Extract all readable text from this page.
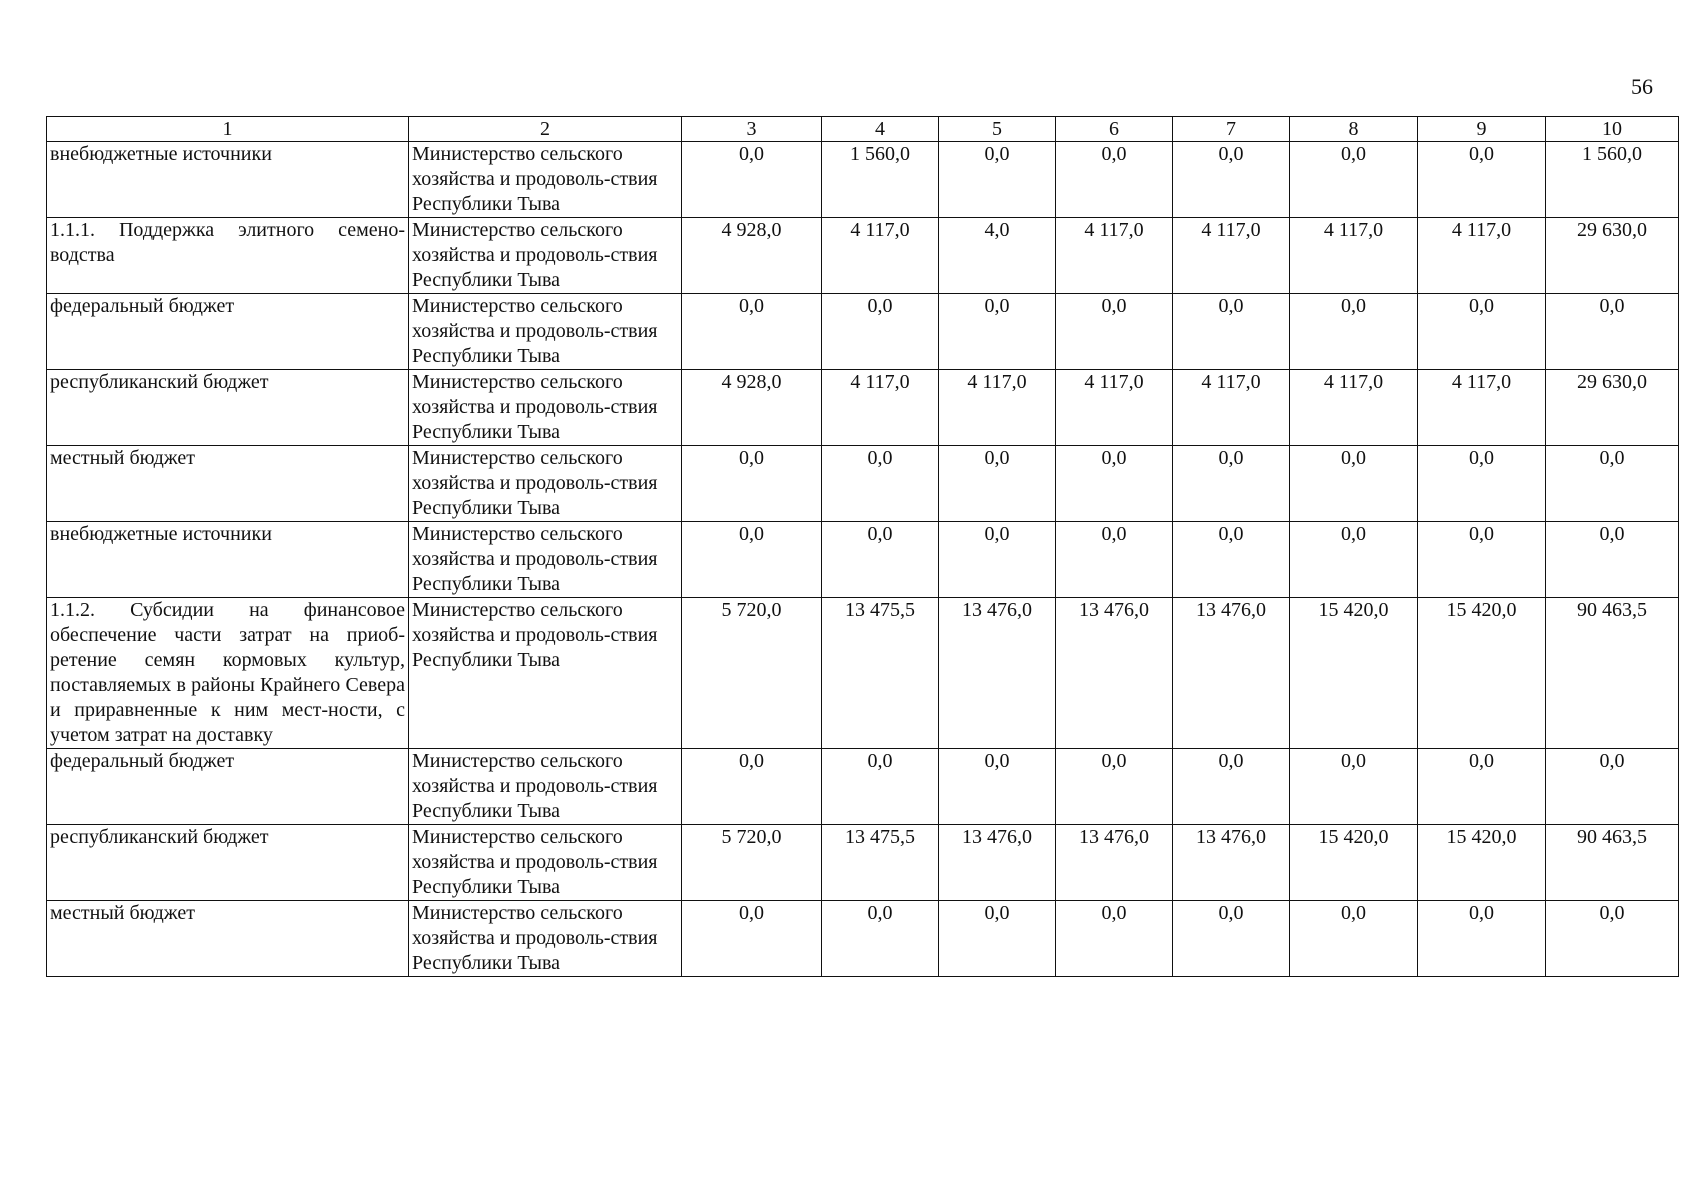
56
1	2	3	4	5	6	7	8	9	10
внебюджетные источники	Министерство сельского хозяйства и продоволь-ствия Республики Тыва	0,0	1 560,0	0,0	0,0	0,0	0,0	0,0	1 560,0
1.1.1. Поддержка элитного семено-водства	Министерство сельского хозяйства и продоволь-ствия Республики Тыва	4 928,0	4 117,0	4,0	4 117,0	4 117,0	4 117,0	4 117,0	29 630,0
федеральный бюджет	Министерство сельского хозяйства и продоволь-ствия Республики Тыва	0,0	0,0	0,0	0,0	0,0	0,0	0,0	0,0
республиканский бюджет	Министерство сельского хозяйства и продоволь-ствия Республики Тыва	4 928,0	4 117,0	4 117,0	4 117,0	4 117,0	4 117,0	4 117,0	29 630,0
местный бюджет	Министерство сельского хозяйства и продоволь-ствия Республики Тыва	0,0	0,0	0,0	0,0	0,0	0,0	0,0	0,0
внебюджетные источники	Министерство сельского хозяйства и продоволь-ствия Республики Тыва	0,0	0,0	0,0	0,0	0,0	0,0	0,0	0,0
1.1.2. Субсидии на финансовое обеспечение части затрат на приоб-ретение семян кормовых культур, поставляемых в районы Крайнего Севера и приравненные к ним мест-ности, с учетом затрат на доставку	Министерство сельского хозяйства и продоволь-ствия Республики Тыва	5 720,0	13 475,5	13 476,0	13 476,0	13 476,0	15 420,0	15 420,0	90 463,5
федеральный бюджет	Министерство сельского хозяйства и продоволь-ствия Республики Тыва	0,0	0,0	0,0	0,0	0,0	0,0	0,0	0,0
республиканский бюджет	Министерство сельского хозяйства и продоволь-ствия Республики Тыва	5 720,0	13 475,5	13 476,0	13 476,0	13 476,0	15 420,0	15 420,0	90 463,5
местный бюджет	Министерство сельского хозяйства и продоволь-ствия Республики Тыва	0,0	0,0	0,0	0,0	0,0	0,0	0,0	0,0
